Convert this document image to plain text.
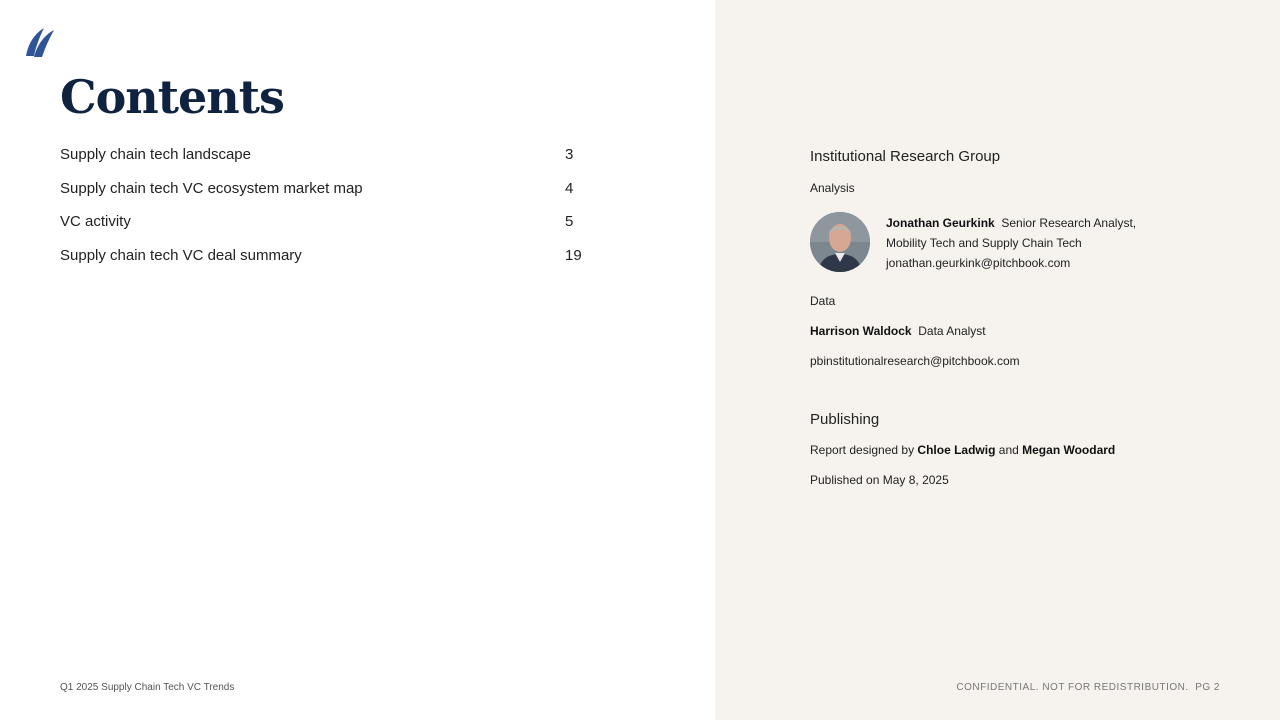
Contents
Supply chain tech landscape	3
Supply chain tech VC ecosystem market map	4
VC activity	5
Supply chain tech VC deal summary	19
Q1 2025 Supply Chain Tech VC Trends
Institutional Research Group
Analysis
Jonathan Geurkink Senior Research Analyst,
Mobility Tech and Supply Chain Tech
jonathan.geurkink@pitchbook.com
Data
Harrison Waldock Data Analyst
pbinstitutionalresearch@pitchbook.com
Publishing
Report designed by Chloe Ladwig and Megan Woodard
Published on May 8, 2025
CONFIDENTIAL. NOT FOR REDISTRIBUTION. PG 2
